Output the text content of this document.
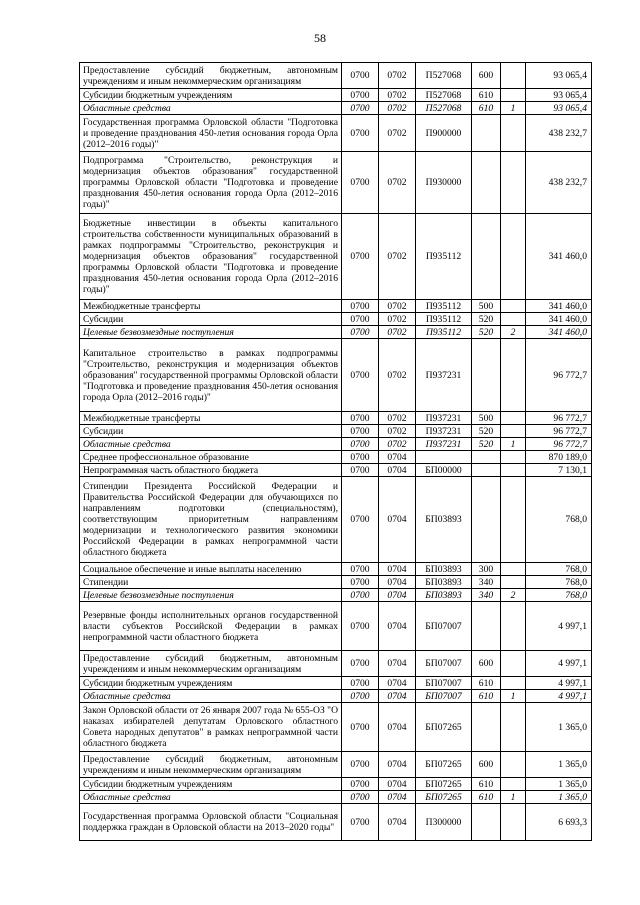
58
Предоставление субсидий бюджетным, автономным учреждениям и иным некоммерческим организациям	0700	0702	П527068	600		93 065,4
Субсидии бюджетным учреждениям	0700	0702	П527068	610		93 065,4
Областные средства	0700	0702	П527068	610	1	93 065,4
Государственная программа Орловской области "Подготовка и проведение празднования 450-летия основания города Орла (2012–2016 годы)"	0700	0702	П900000			438 232,7
Подпрограмма "Строительство, реконструкция и модернизация объектов образования" государственной программы Орловской области "Подготовка и проведение празднования 450-летия основания города Орла (2012–2016 годы)"	0700	0702	П930000			438 232,7
Бюджетные инвестиции в объекты капитального строительства собственности муниципальных образований в рамках подпрограммы "Строительство, реконструкция и модернизация объектов образования" государственной программы Орловской области "Подготовка и проведение празднования 450-летия основания города Орла (2012–2016 годы)"	0700	0702	П935112			341 460,0
Межбюджетные трансферты	0700	0702	П935112	500		341 460,0
Субсидии	0700	0702	П935112	520		341 460,0
Целевые безвозмездные поступления	0700	0702	П935112	520	2	341 460,0
Капитальное строительство в рамках подпрограммы "Строительство, реконструкция и модернизация объектов образования" государственной программы Орловской области "Подготовка и проведение празднования 450-летия основания города Орла (2012–2016 годы)"	0700	0702	П937231			96 772,7
Межбюджетные трансферты	0700	0702	П937231	500		96 772,7
Субсидии	0700	0702	П937231	520		96 772,7
Областные средства	0700	0702	П937231	520	1	96 772,7
Среднее профессиональное образование	0700	0704				870 189,0
Непрограммная часть областного бюджета	0700	0704	БП00000			7 130,1
Стипендии Президента Российской Федерации и Правительства Российской Федерации для обучающихся по направлениям подготовки (специальностям), соответствующим приоритетным направлениям модернизации и технологического развития экономики Российской Федерации в рамках непрограммной части областного бюджета	0700	0704	БП03893			768,0
Социальное обеспечение и иные выплаты населению	0700	0704	БП03893	300		768,0
Стипендии	0700	0704	БП03893	340		768,0
Целевые безвозмездные поступления	0700	0704	БП03893	340	2	768,0
Резервные фонды исполнительных органов государственной власти субъектов Российской Федерации в рамках непрограммной части областного бюджета	0700	0704	БП07007			4 997,1
Предоставление субсидий бюджетным, автономным учреждениям и иным некоммерческим организациям	0700	0704	БП07007	600		4 997,1
Субсидии бюджетным учреждениям	0700	0704	БП07007	610		4 997,1
Областные средства	0700	0704	БП07007	610	1	4 997,1
Закон Орловской области от 26 января 2007 года № 655-ОЗ "О наказах избирателей депутатам Орловского областного Совета народных депутатов" в рамках непрограммной части областного бюджета	0700	0704	БП07265			1 365,0
Предоставление субсидий бюджетным, автономным учреждениям и иным некоммерческим организациям	0700	0704	БП07265	600		1 365,0
Субсидии бюджетным учреждениям	0700	0704	БП07265	610		1 365,0
Областные средства	0700	0704	БП07265	610	1	1 365,0
Государственная программа Орловской области "Социальная поддержка граждан в Орловской области на 2013–2020 годы"	0700	0704	П300000			6 693,3
